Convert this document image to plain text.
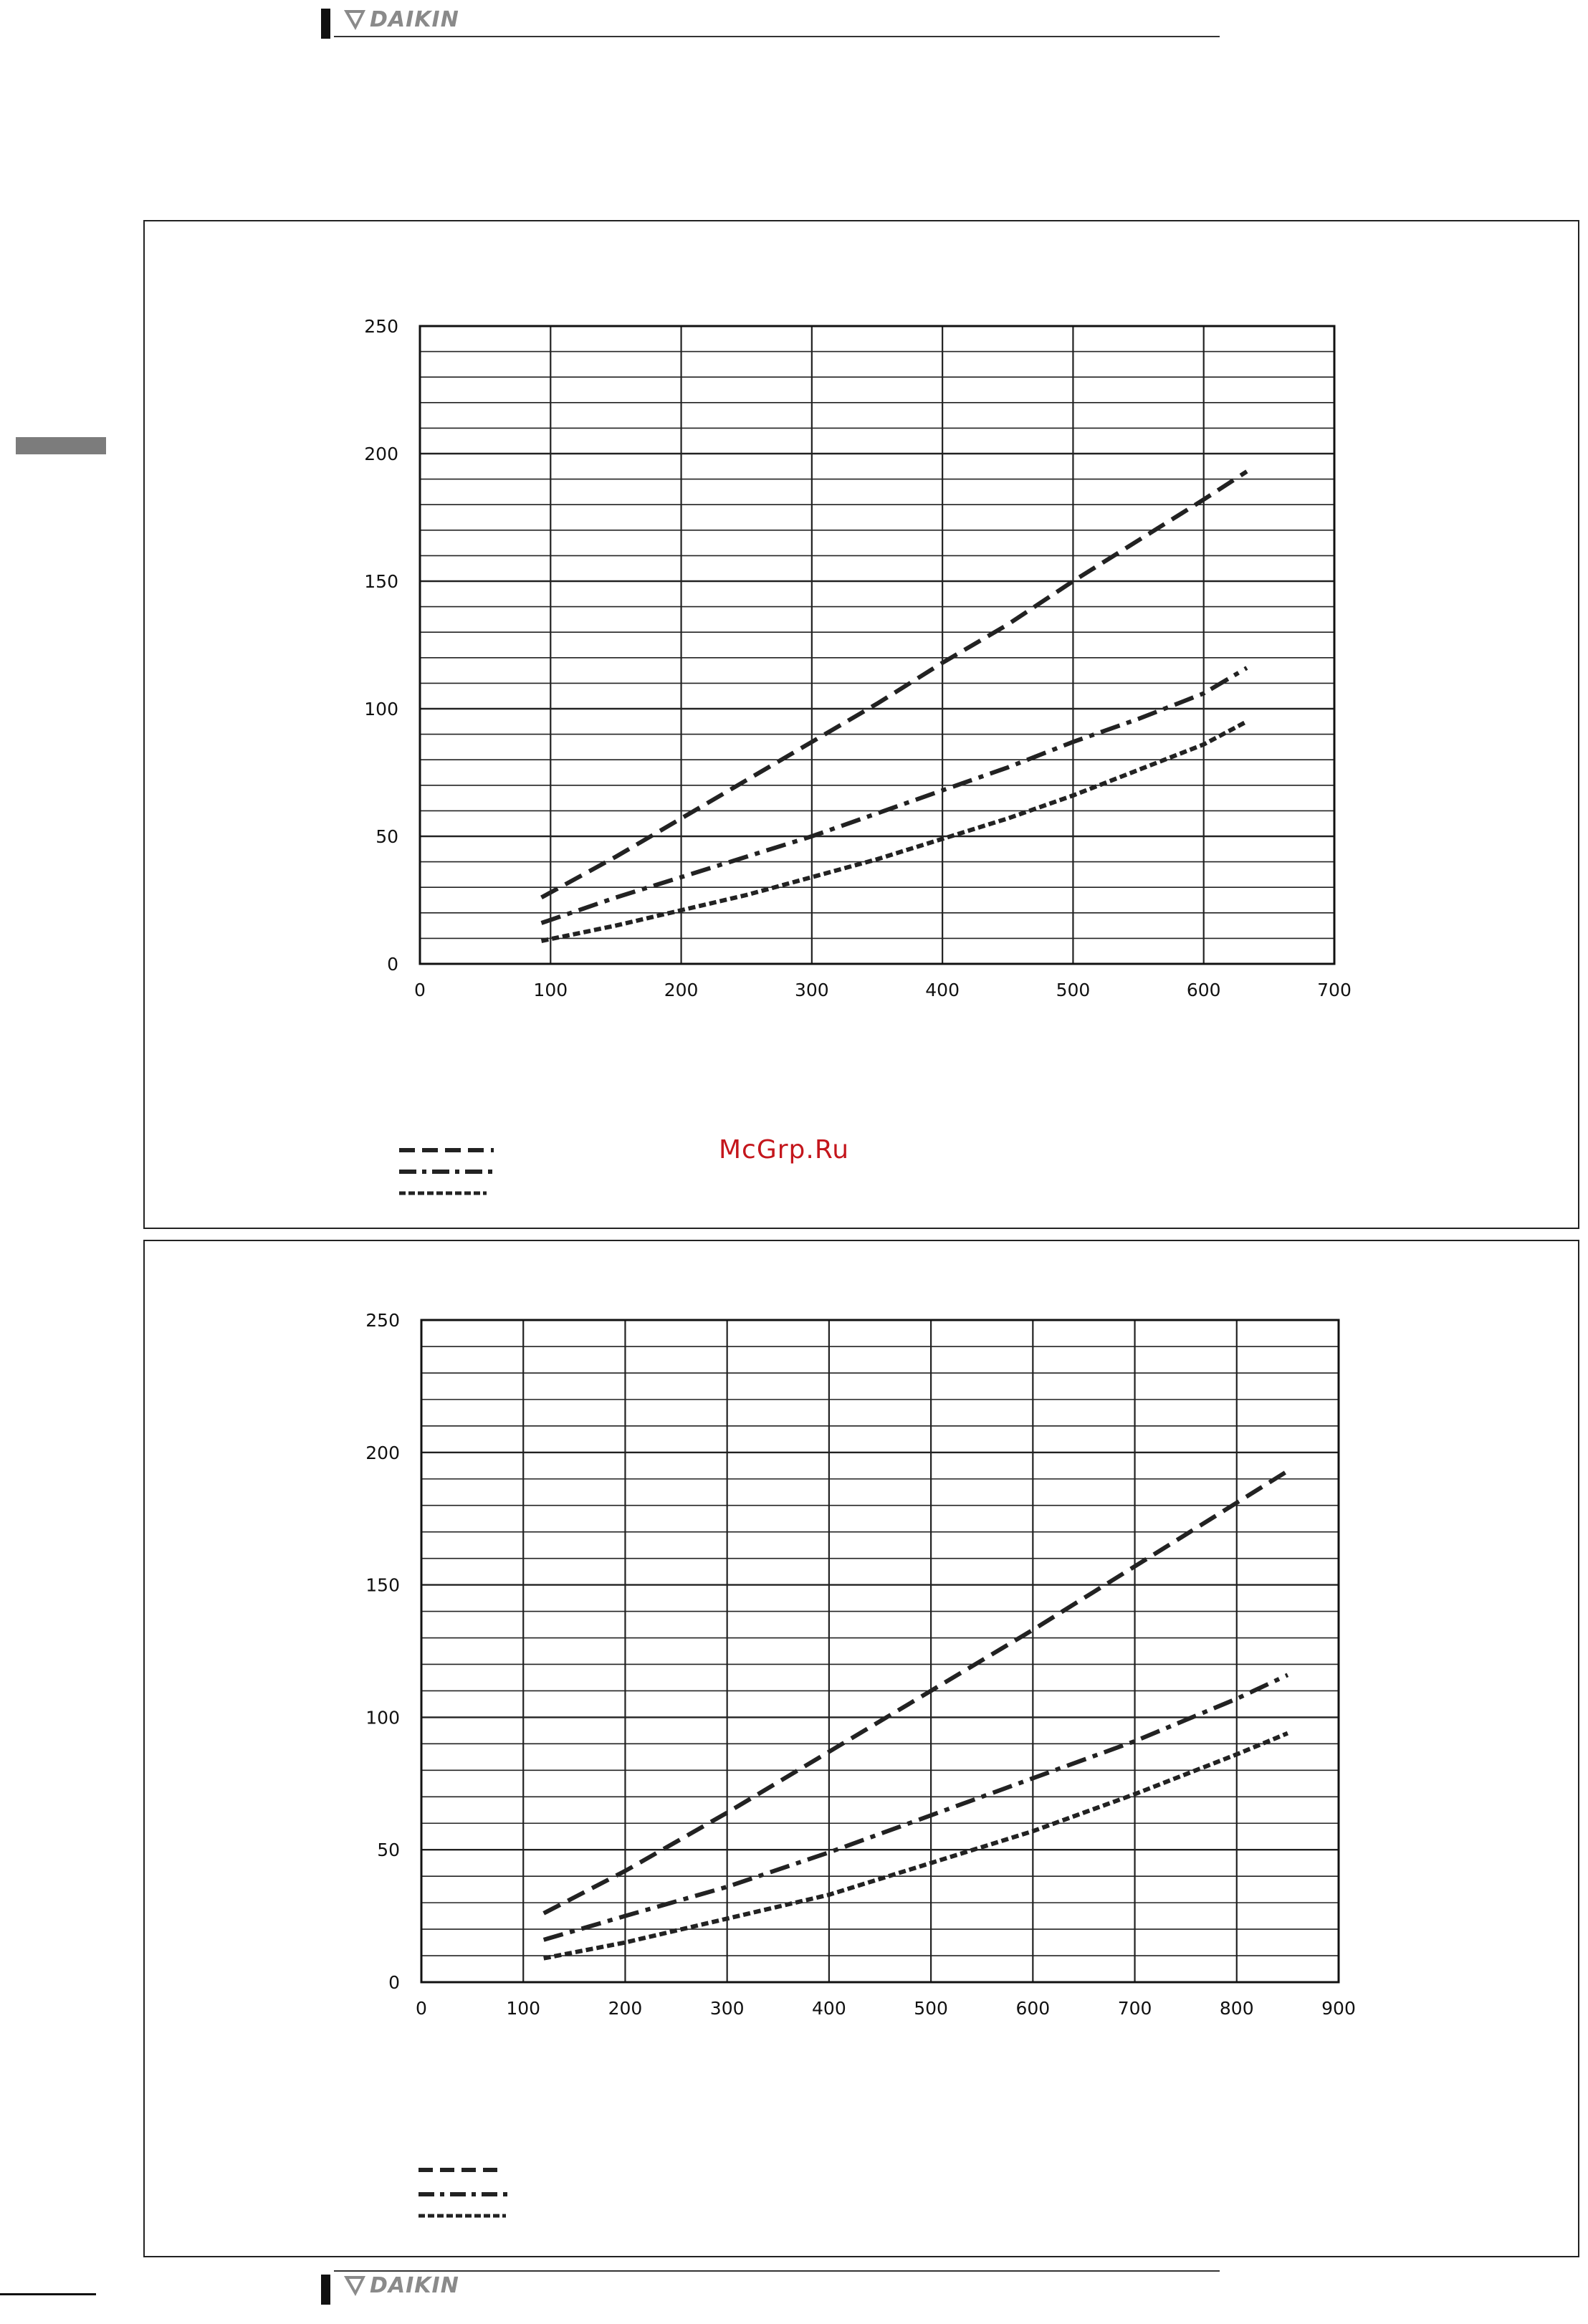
DAIKIN
0
50
100
150
200
250
0	100	200	300	400	500	600	700
McGrp.Ru
0
50
100
150
200
250
0	100	200	300	400	500	600	700	800	900
DAIKIN
